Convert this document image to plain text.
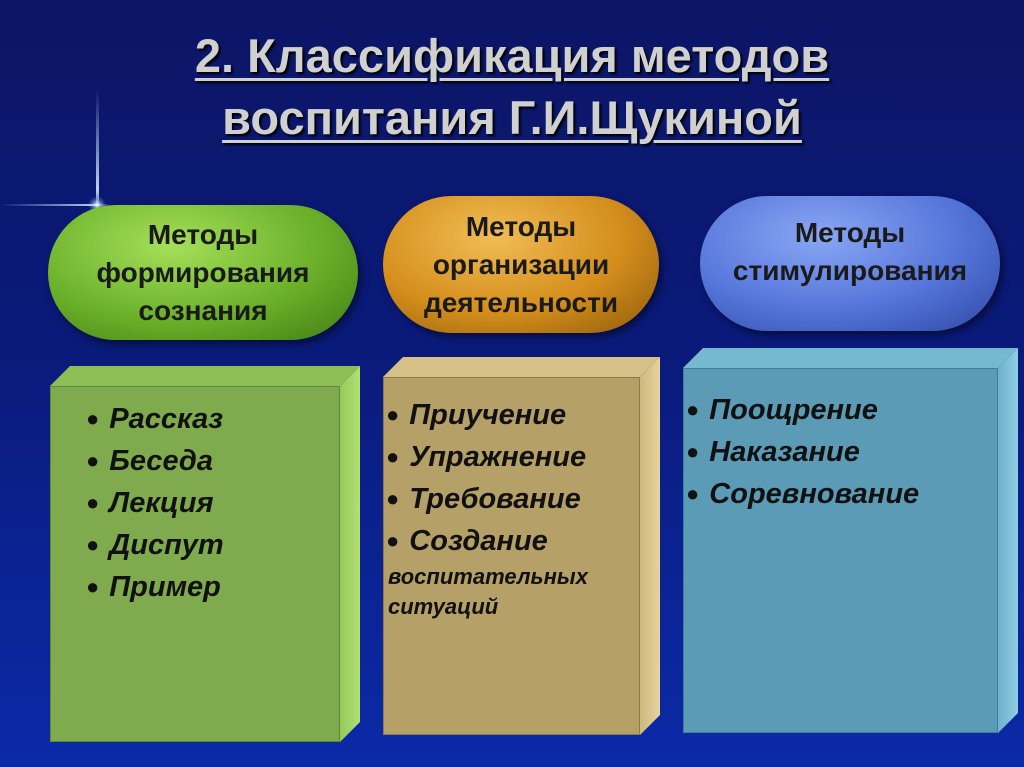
2. Классификация методов
воспитания Г.И.Щукиной
Методы
формирования
сознания
Методы
организации
деятельности
Методы
стимулирования
● Рассказ
● Беседа
● Лекция
● Диспут
● Пример
● Приучение
● Упражнение
● Требование
● Создание
воспитательных
ситуаций
● Поощрение
● Наказание
● Соревнование
